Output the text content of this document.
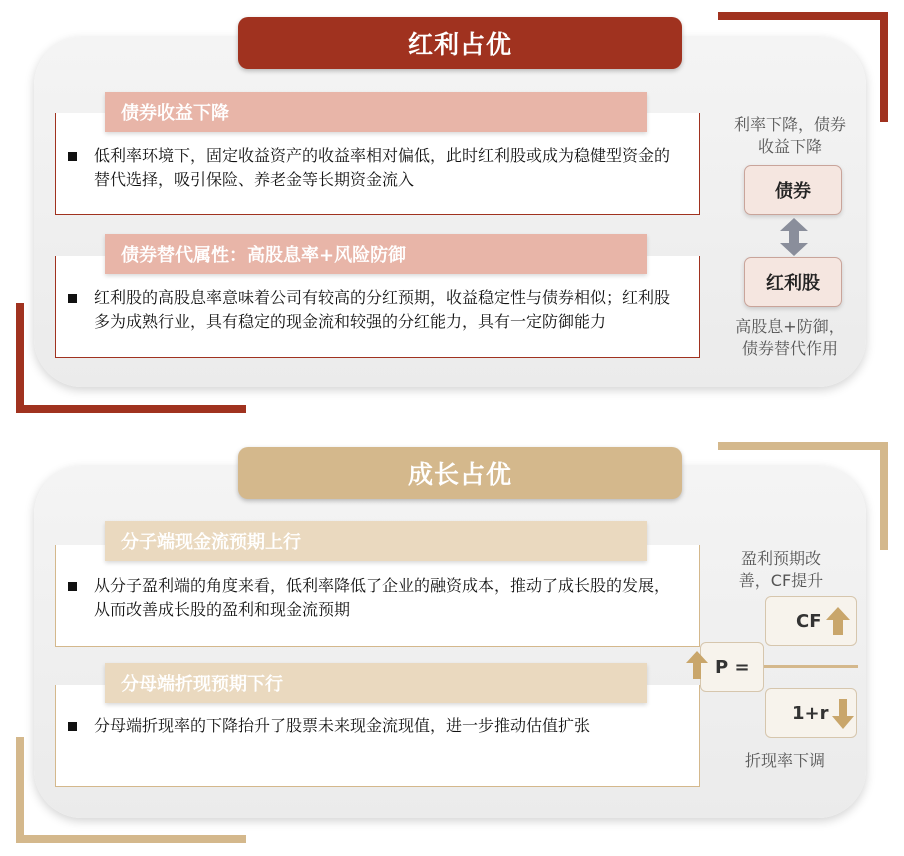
红利占优
债券收益下降
低利率环境下，固定收益资产的收益率相对偏低，此时红利股或成为稳健型资金的替代选择，吸引保险、养老金等长期资金流入
债券替代属性：高股息率+风险防御
红利股的高股息率意味着公司有较高的分红预期，收益稳定性与债券相似；红利股多为成熟行业，具有稳定的现金流和较强的分红能力，具有一定防御能力
利率下降，债券收益下降
债券
红利股
高股息+防御，债券替代作用
成长占优
分子端现金流预期上行
从分子盈利端的角度来看，低利率降低了企业的融资成本，推动了成长股的发展，从而改善成长股的盈利和现金流预期
分母端折现预期下行
分母端折现率的下降抬升了股票未来现金流现值，进一步推动估值扩张
盈利预期改善，CF提升
CF
P =
1+r
折现率下调
